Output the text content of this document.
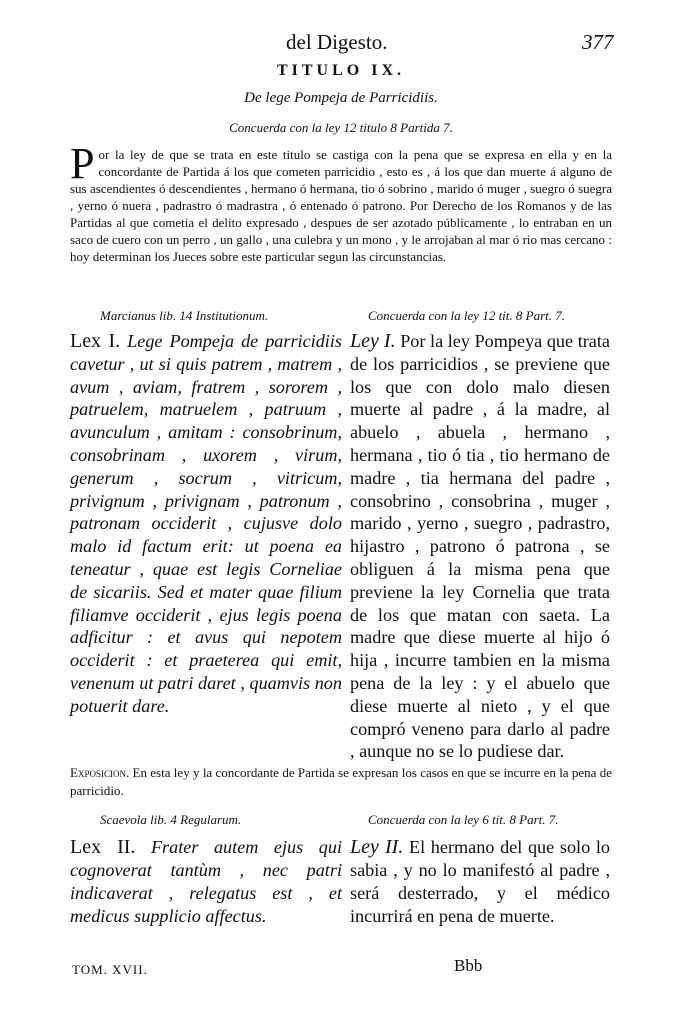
del Digesto.	377
TITULO IX.
De lege Pompeja de Parricidiis.
Concuerda con la ley 12 titulo 8 Partida 7.
Por la ley de que se trata en este titulo se castiga con la pena que se expresa en ella y en la concordante de Partida á los que cometen parricidio , esto es , á los que dan muerte á alguno de sus ascendientes ó descendientes , hermano ó hermana, tio ó sobrino , marido ó muger , suegro ó suegra , yerno ó nuera , padrastro ó madrastra , ó entenado ó patrono. Por Derecho de los Romanos y de las Partidas al que cometia el delito expresado , despues de ser azotado públicamente , lo entraban en un saco de cuero con un perro , un gallo , una culebra y un mono , y le arrojaban al mar ó rio mas cercano : hoy determinan los Jueces sobre este particular segun las circunstancias.
Marcianus lib. 14 Institutionum.	Concuerda con la ley 12 tit. 8 Part. 7.
Lex I. Lege Pompeja de parricidiis cavetur , ut si quis patrem , matrem , avum , aviam, fratrem , sororem , patruelem, matruelem , patruum , avunculum , amitam : consobrinum, consobrinam , uxorem , virum, generum , socrum , vitricum, privignum , privignam , patronum , patronam occiderit , cujusve dolo malo id factum erit: ut poena ea teneatur , quae est legis Corneliae de sicariis. Sed et mater quae filium filiamve occiderit , ejus legis poena adficitur : et avus qui nepotem occiderit : et praeterea qui emit, venenum ut patri daret , quamvis non potuerit dare.
Ley I. Por la ley Pompeya que trata de los parricidios , se previene que los que con dolo malo diesen muerte al padre , á la madre, al abuelo , abuela , hermano , hermana , tio ó tia , tio hermano de madre , tia hermana del padre , consobrino , consobrina , muger , marido , yerno , suegro , padrastro, hijastro , patrono ó patrona , se obliguen á la misma pena que previene la ley Cornelia que trata de los que matan con saeta. La madre que diese muerte al hijo ó hija , incurre tambien en la misma pena de la ley : y el abuelo que diese muerte al nieto , y el que compró veneno para darlo al padre , aunque no se lo pudiese dar.
Exposicion. En esta ley y la concordante de Partida se expresan los casos en que se incurre en la pena de parricidio.
Scaevola lib. 4 Regularum.	Concuerda con la ley 6 tit. 8 Part. 7.
Lex II. Frater autem ejus qui cognoverat tantùm , nec patri indicaverat , relegatus est , et medicus supplicio affectus.
Ley II. El hermano del que solo lo sabia , y no lo manifestó al padre , será desterrado, y el médico incurrirá en pena de muerte.
TOM. XVII.	Bbb
